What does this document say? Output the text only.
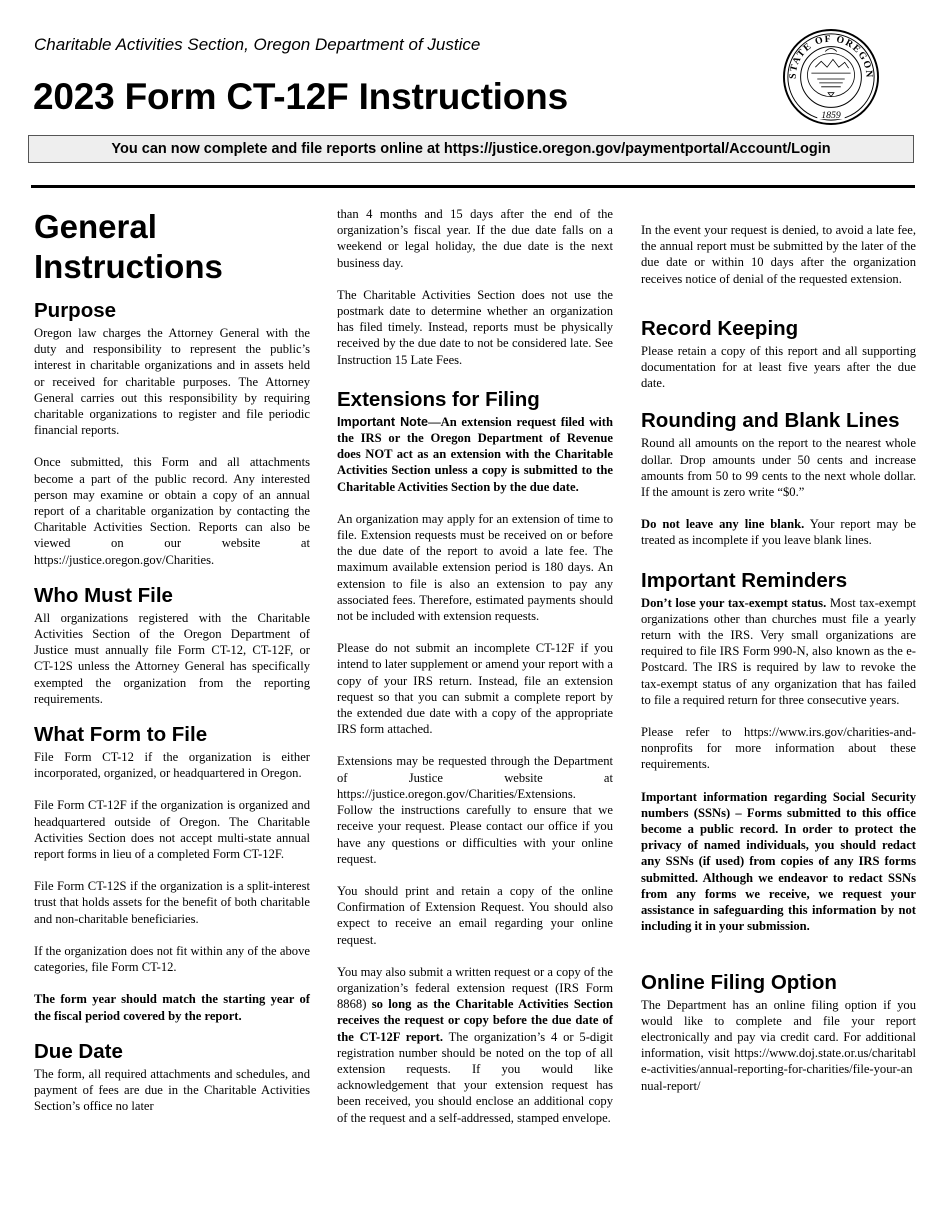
Charitable Activities Section, Oregon Department of Justice
2023 Form CT-12F Instructions
STATE OF OREGON
1859
You can now complete and file reports online at https://justice.oregon.gov/paymentportal/Account/Login
General Instructions
Purpose

Oregon law charges the Attorney General with the duty and responsibility to represent the public’s interest in charitable organizations and in assets held or received for charitable purposes. The Attorney General carries out this responsibility by requiring charitable organizations to register and file periodic financial reports.

Once submitted, this Form and all attachments become a part of the public record. Any interested person may examine or obtain a copy of an annual report of a charitable organization by contacting the Charitable Activities Section. Reports can also be viewed on our website at https://justice.oregon.gov/Charities.

Who Must File

All organizations registered with the Charitable Activities Section of the Oregon Department of Justice must annually file Form CT-12, CT-12F, or CT-12S unless the Attorney General has specifically exempted the organization from the reporting requirements.

What Form to File

File Form CT-12 if the organization is either incorporated, organized, or headquartered in Oregon.

File Form CT-12F if the organization is organized and headquartered outside of Oregon. The Charitable Activities Section does not accept multi-state annual report forms in lieu of a completed Form CT-12F.

File Form CT-12S if the organization is a split-interest trust that holds assets for the benefit of both charitable and non-charitable beneficiaries.

If the organization does not fit within any of the above categories, file Form CT-12.

The form year should match the starting year of the fiscal period covered by the report.

Due Date

The form, all required attachments and schedules, and payment of fees are due in the Charitable Activities Section’s office no later

than 4 months and 15 days after the end of the organization’s fiscal year. If the due date falls on a weekend or legal holiday, the due date is the next business day.

The Charitable Activities Section does not use the postmark date to determine whether an organization has filed timely. Instead, reports must be physically received by the due date to not be considered late. See Instruction 15 Late Fees.

Extensions for Filing

Important Note—An extension request filed with the IRS or the Oregon Department of Revenue does NOT act as an extension with the Charitable Activities Section unless a copy is submitted to the Charitable Activities Section by the due date.

An organization may apply for an extension of time to file. Extension requests must be received on or before the due date of the report to avoid a late fee. The maximum available extension period is 180 days. An extension to file is also an extension to pay any associated fees. Therefore, estimated payments should not be included with extension requests.

Please do not submit an incomplete CT-12F if you intend to later supplement or amend your report with a copy of your IRS return. Instead, file an extension request so that you can submit a complete report by the extended due date with a copy of the appropriate IRS form attached.

Extensions may be requested through the Department of Justice website at https://justice.oregon.gov/Charities/Extensions. Follow the instructions carefully to ensure that we receive your request. Please contact our office if you have any questions or difficulties with your online request.

You should print and retain a copy of the online Confirmation of Extension Request. You should also expect to receive an email regarding your online request.

You may also submit a written request or a copy of the organization’s federal extension request (IRS Form 8868) so long as the Charitable Activities Section receives the request or copy before the due date of the CT-12F report. The organization’s 4 or 5-digit registration number should be noted on the top of all extension requests. If you would like acknowledgement that your extension request has been received, you should enclose an additional copy of the request and a self-addressed, stamped envelope.

In the event your request is denied, to avoid a late fee, the annual report must be submitted by the later of the due date or within 10 days after the organization receives notice of denial of the requested extension.

Record Keeping

Please retain a copy of this report and all supporting documentation for at least five years after the due date.

Rounding and Blank Lines

Round all amounts on the report to the nearest whole dollar. Drop amounts under 50 cents and increase amounts from 50 to 99 cents to the next whole dollar. If the amount is zero write “$0.”

Do not leave any line blank. Your report may be treated as incomplete if you leave blank lines.

Important Reminders

Don’t lose your tax-exempt status. Most tax-exempt organizations other than churches must file a yearly return with the IRS. Very small organizations are required to file IRS Form 990-N, also known as the e-Postcard. The IRS is required by law to revoke the tax-exempt status of any organization that has failed to file a required return for three consecutive years.

Please refer to https://www.irs.gov/charities-and-nonprofits for more information about these requirements.

Important information regarding Social Security numbers (SSNs) – Forms submitted to this office become a public record. In order to protect the privacy of named individuals, you should redact any SSNs (if used) from copies of any IRS forms submitted. Although we endeavor to redact SSNs from any forms we receive, we request your assistance in safeguarding this information by not including it in your submission.

Online Filing Option

The Department has an online filing option if you would like to complete and file your report electronically and pay via credit card. For additional information, visit https://www.doj.state.or.us/charitable-activities/annual-reporting-for-charities/file-your-annual-report/
